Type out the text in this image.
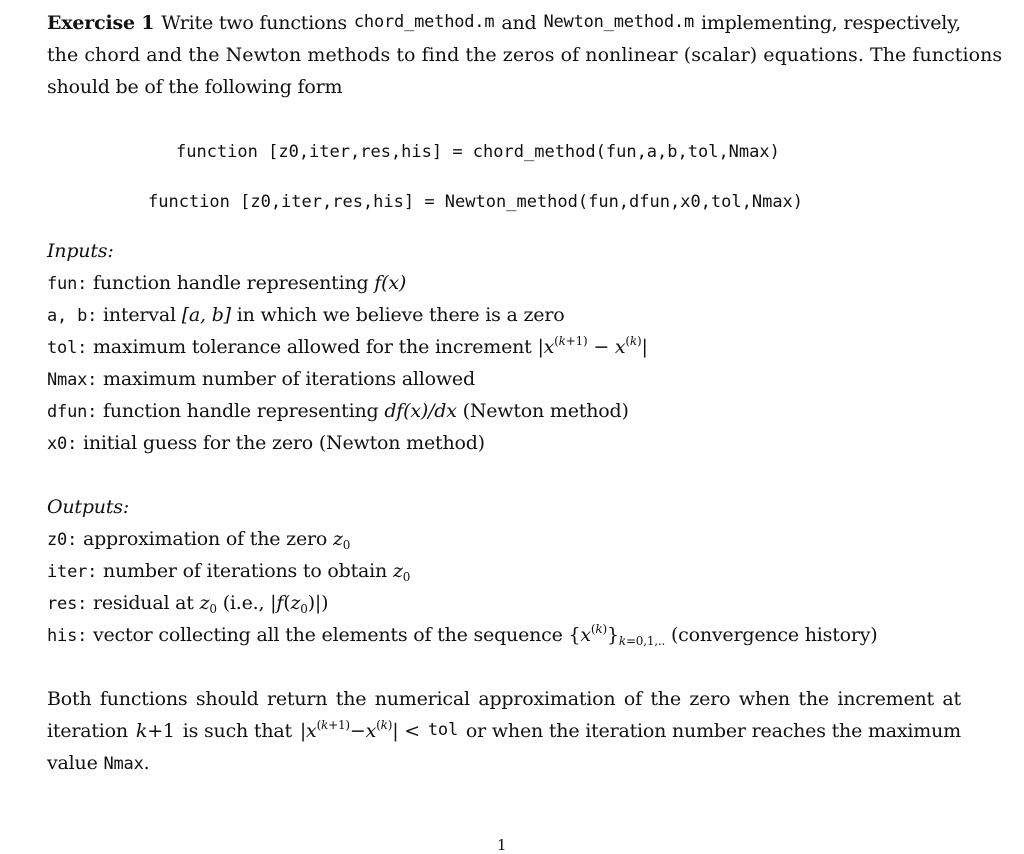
Exercise 1 Write two functions chord_method.m and Newton_method.m implementing, respectively,
the chord and the Newton methods to find the zeros of nonlinear (scalar) equations. The functions
should be of the following form
function [z0,iter,res,his] = chord_method(fun,a,b,tol,Nmax)
function [z0,iter,res,his] = Newton_method(fun,dfun,x0,tol,Nmax)
Inputs:
fun: function handle representing f(x)
a, b: interval [a, b] in which we believe there is a zero
tol: maximum tolerance allowed for the increment $|x^{(k+1)} - x^{(k)}|$
Nmax: maximum number of iterations allowed
dfun: function handle representing df(x)/dx (Newton method)
x0: initial guess for the zero (Newton method)
Outputs:
z0: approximation of the zero $z_0$
iter: number of iterations to obtain $z_0$
res: residual at $z_0$ (i.e., $|f(z_0)|$)
his: vector collecting all the elements of the sequence $\{x^{(k)}\}_{k=0,1,..}$ (convergence history)
Both functions should return the numerical approximation of the zero when the increment at
iteration k+1 is such that $|x^{(k+1)}-x^{(k)}|$ < tol or when the iteration number reaches the maximum
value Nmax.
1
